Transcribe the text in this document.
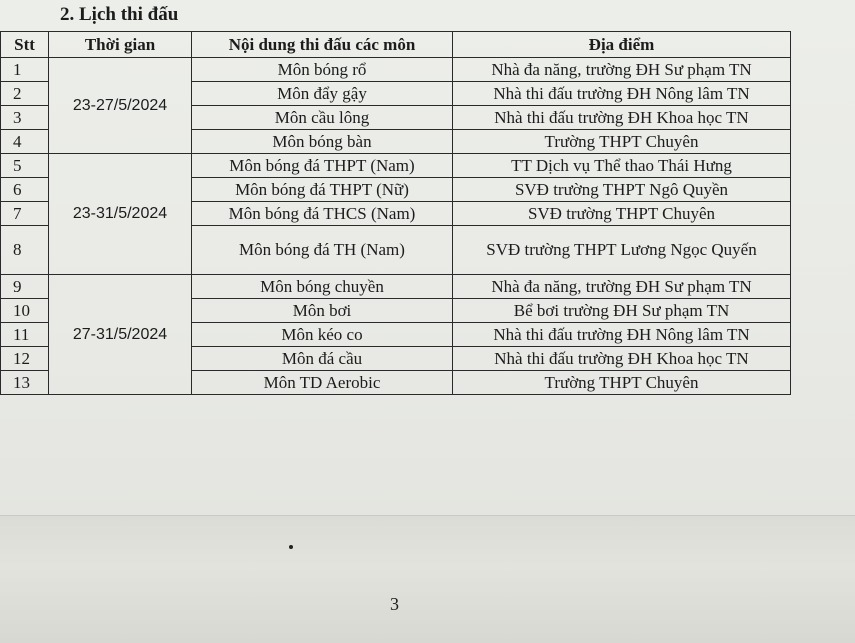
2. Lịch thi đấu
Stt	Thời gian	Nội dung thi đấu các môn	Địa điểm
1	23-27/5/2024	Môn bóng rổ	Nhà đa năng, trường ĐH Sư phạm TN
2		Môn đẩy gậy	Nhà thi đấu trường ĐH Nông lâm TN
3		Môn cầu lông	Nhà thi đấu trường ĐH Khoa học TN
4		Môn bóng bàn	Trường THPT Chuyên
5	23-31/5/2024	Môn bóng đá THPT (Nam)	TT Dịch vụ Thể thao Thái Hưng
6		Môn bóng đá THPT (Nữ)	SVĐ trường THPT Ngô Quyền
7		Môn bóng đá THCS (Nam)	SVĐ trường THPT Chuyên
8		Môn bóng đá TH (Nam)	SVĐ trường THPT Lương Ngọc Quyến
9	27-31/5/2024	Môn bóng chuyền	Nhà đa năng, trường ĐH Sư phạm TN
10		Môn bơi	Bể bơi trường ĐH Sư phạm TN
11		Môn kéo co	Nhà thi đấu trường ĐH Nông lâm TN
12		Môn đá cầu	Nhà thi đấu trường ĐH Khoa học TN
13		Môn TD Aerobic	Trường THPT Chuyên
3
